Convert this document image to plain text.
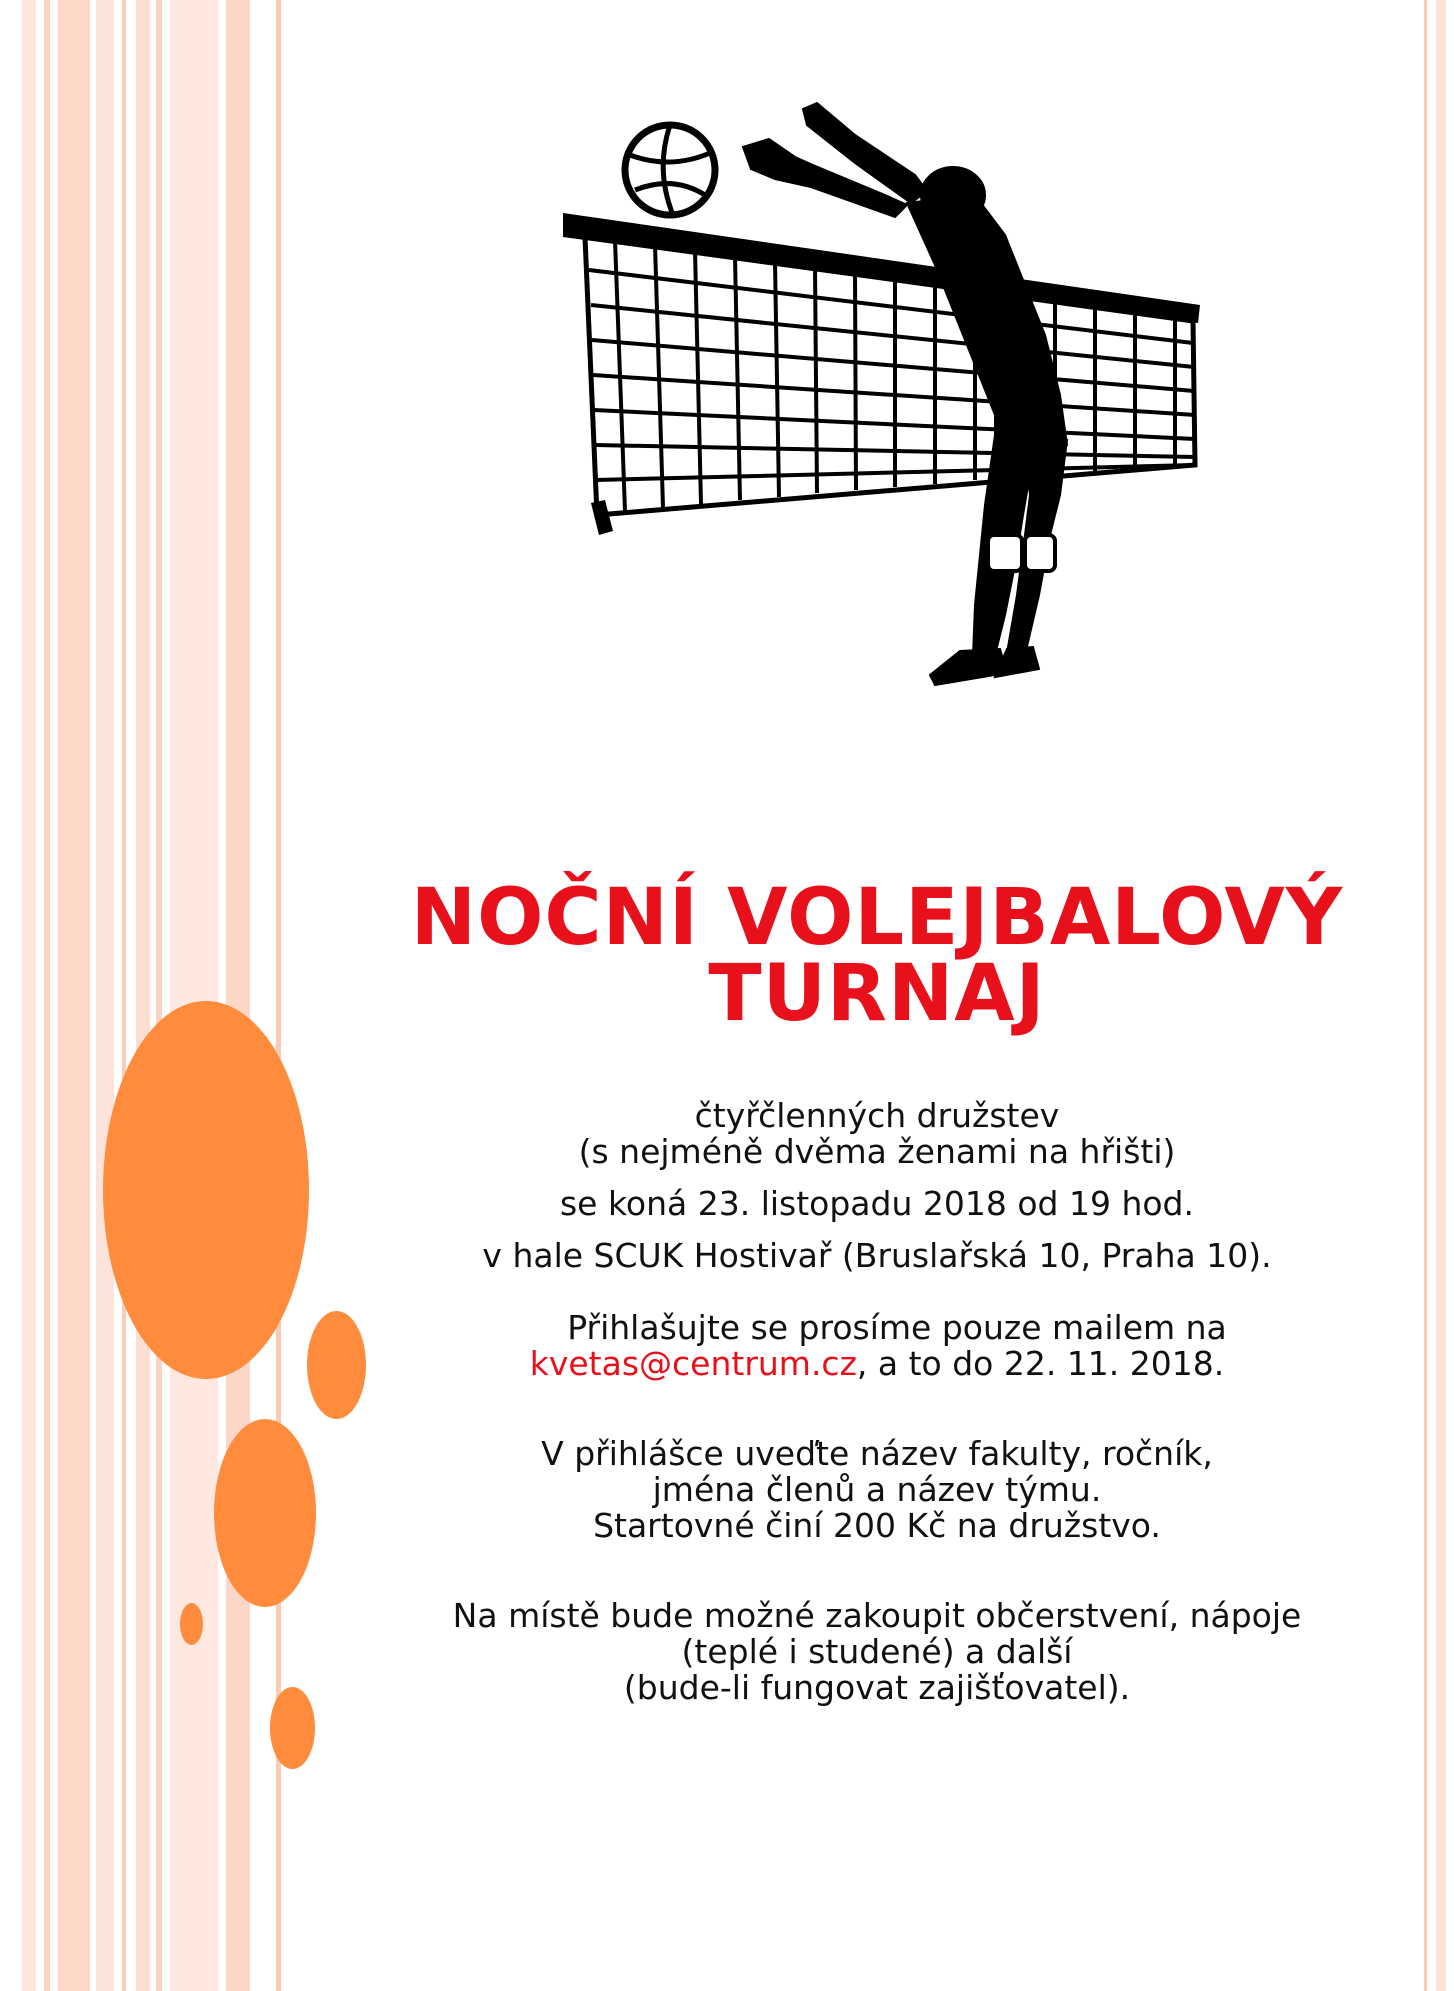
NOČNÍ VOLEJBALOVÝ
TURNAJ
čtyřčlenných družstev
(s nejméně dvěma ženami na hřišti)
se koná 23. listopadu 2018 od 19 hod.
v hale SCUK Hostivař (Bruslařská 10, Praha 10).
Přihlašujte se prosíme pouze mailem na
kvetas@centrum.cz, a to do 22. 11. 2018.
V přihlášce uveďte název fakulty, ročník,
jména členů a název týmu.
Startovné činí 200 Kč na družstvo.
Na místě bude možné zakoupit občerstvení, nápoje
(teplé i studené) a další
(bude-li fungovat zajišťovatel).
